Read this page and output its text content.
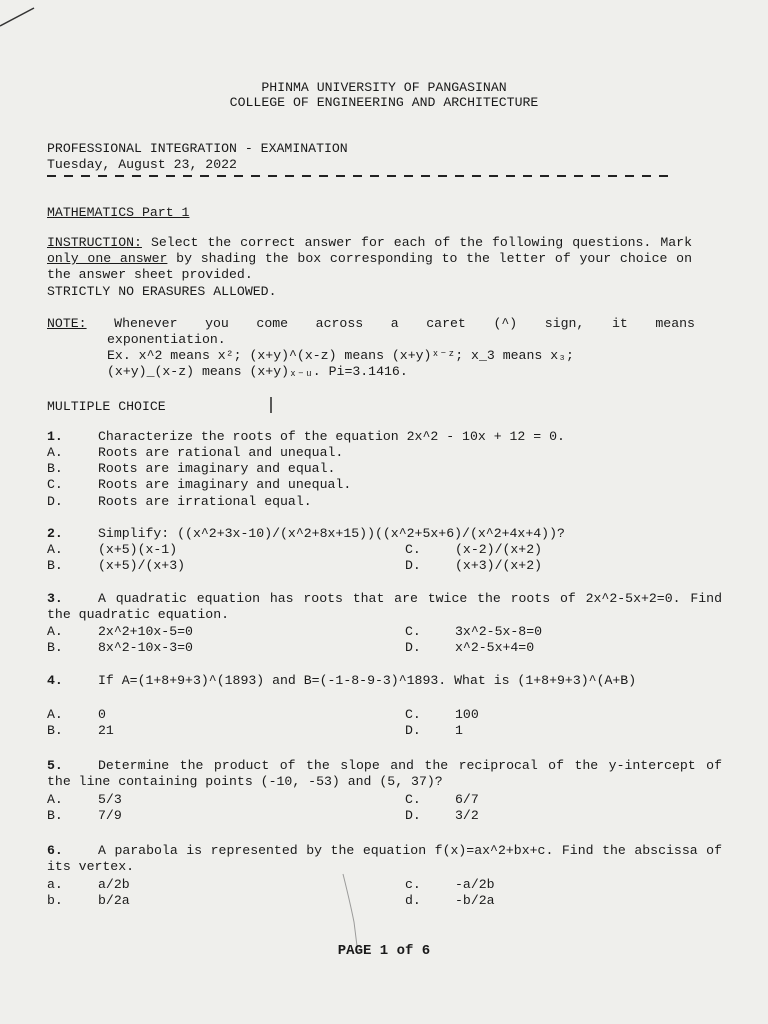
PHINMA UNIVERSITY OF PANGASINAN
COLLEGE OF ENGINEERING AND ARCHITECTURE
PROFESSIONAL INTEGRATION - EXAMINATION
Tuesday, August 23, 2022
MATHEMATICS Part 1
INSTRUCTION: Select the correct answer for each of the following questions. Mark only one answer by shading the box corresponding to the letter of your choice on the answer sheet provided.
STRICTLY NO ERASURES ALLOWED.
NOTE: Whenever you come across a caret (^) sign, it means
exponentiation.
Ex. x^2 means x²; (x+y)^(x-z) means (x+y)ˣ⁻ᶻ; x_3 means x₃;
(x+y)_(x-z) means (x+y)ₓ₋ᵤ. Pi=3.1416.
MULTIPLE CHOICE
1.	Characterize the roots of the equation 2x^2 - 10x + 12 = 0.
A.	Roots are rational and unequal.
B.	Roots are imaginary and equal.
C.	Roots are imaginary and unequal.
D.	Roots are irrational equal.
2.	Simplify: ((x^2+3x-10)/(x^2+8x+15))((x^2+5x+6)/(x^2+4x+4))?
A.	(x+5)(x-1)	C.	(x-2)/(x+2)
B.	(x+5)/(x+3)	D.	(x+3)/(x+2)
3.	A quadratic equation has roots that are twice the roots of 2x^2-5x+2=0. Find the quadratic equation.
A.	2x^2+10x-5=0	C.	3x^2-5x-8=0
B.	8x^2-10x-3=0	D.	x^2-5x+4=0
4.	If A=(1+8+9+3)^(1893) and B=(-1-8-9-3)^1893. What is (1+8+9+3)^(A+B)
A.	0	C.	100
B.	21	D.	1
5.	Determine the product of the slope and the reciprocal of the y-intercept of the line containing points (-10, -53) and (5, 37)?
A.	5/3	C.	6/7
B.	7/9	D.	3/2
6.	A parabola is represented by the equation f(x)=ax^2+bx+c. Find the abscissa of its vertex.
a.	a/2b	c.	-a/2b
b.	b/2a	d.	-b/2a
PAGE 1 of 6
